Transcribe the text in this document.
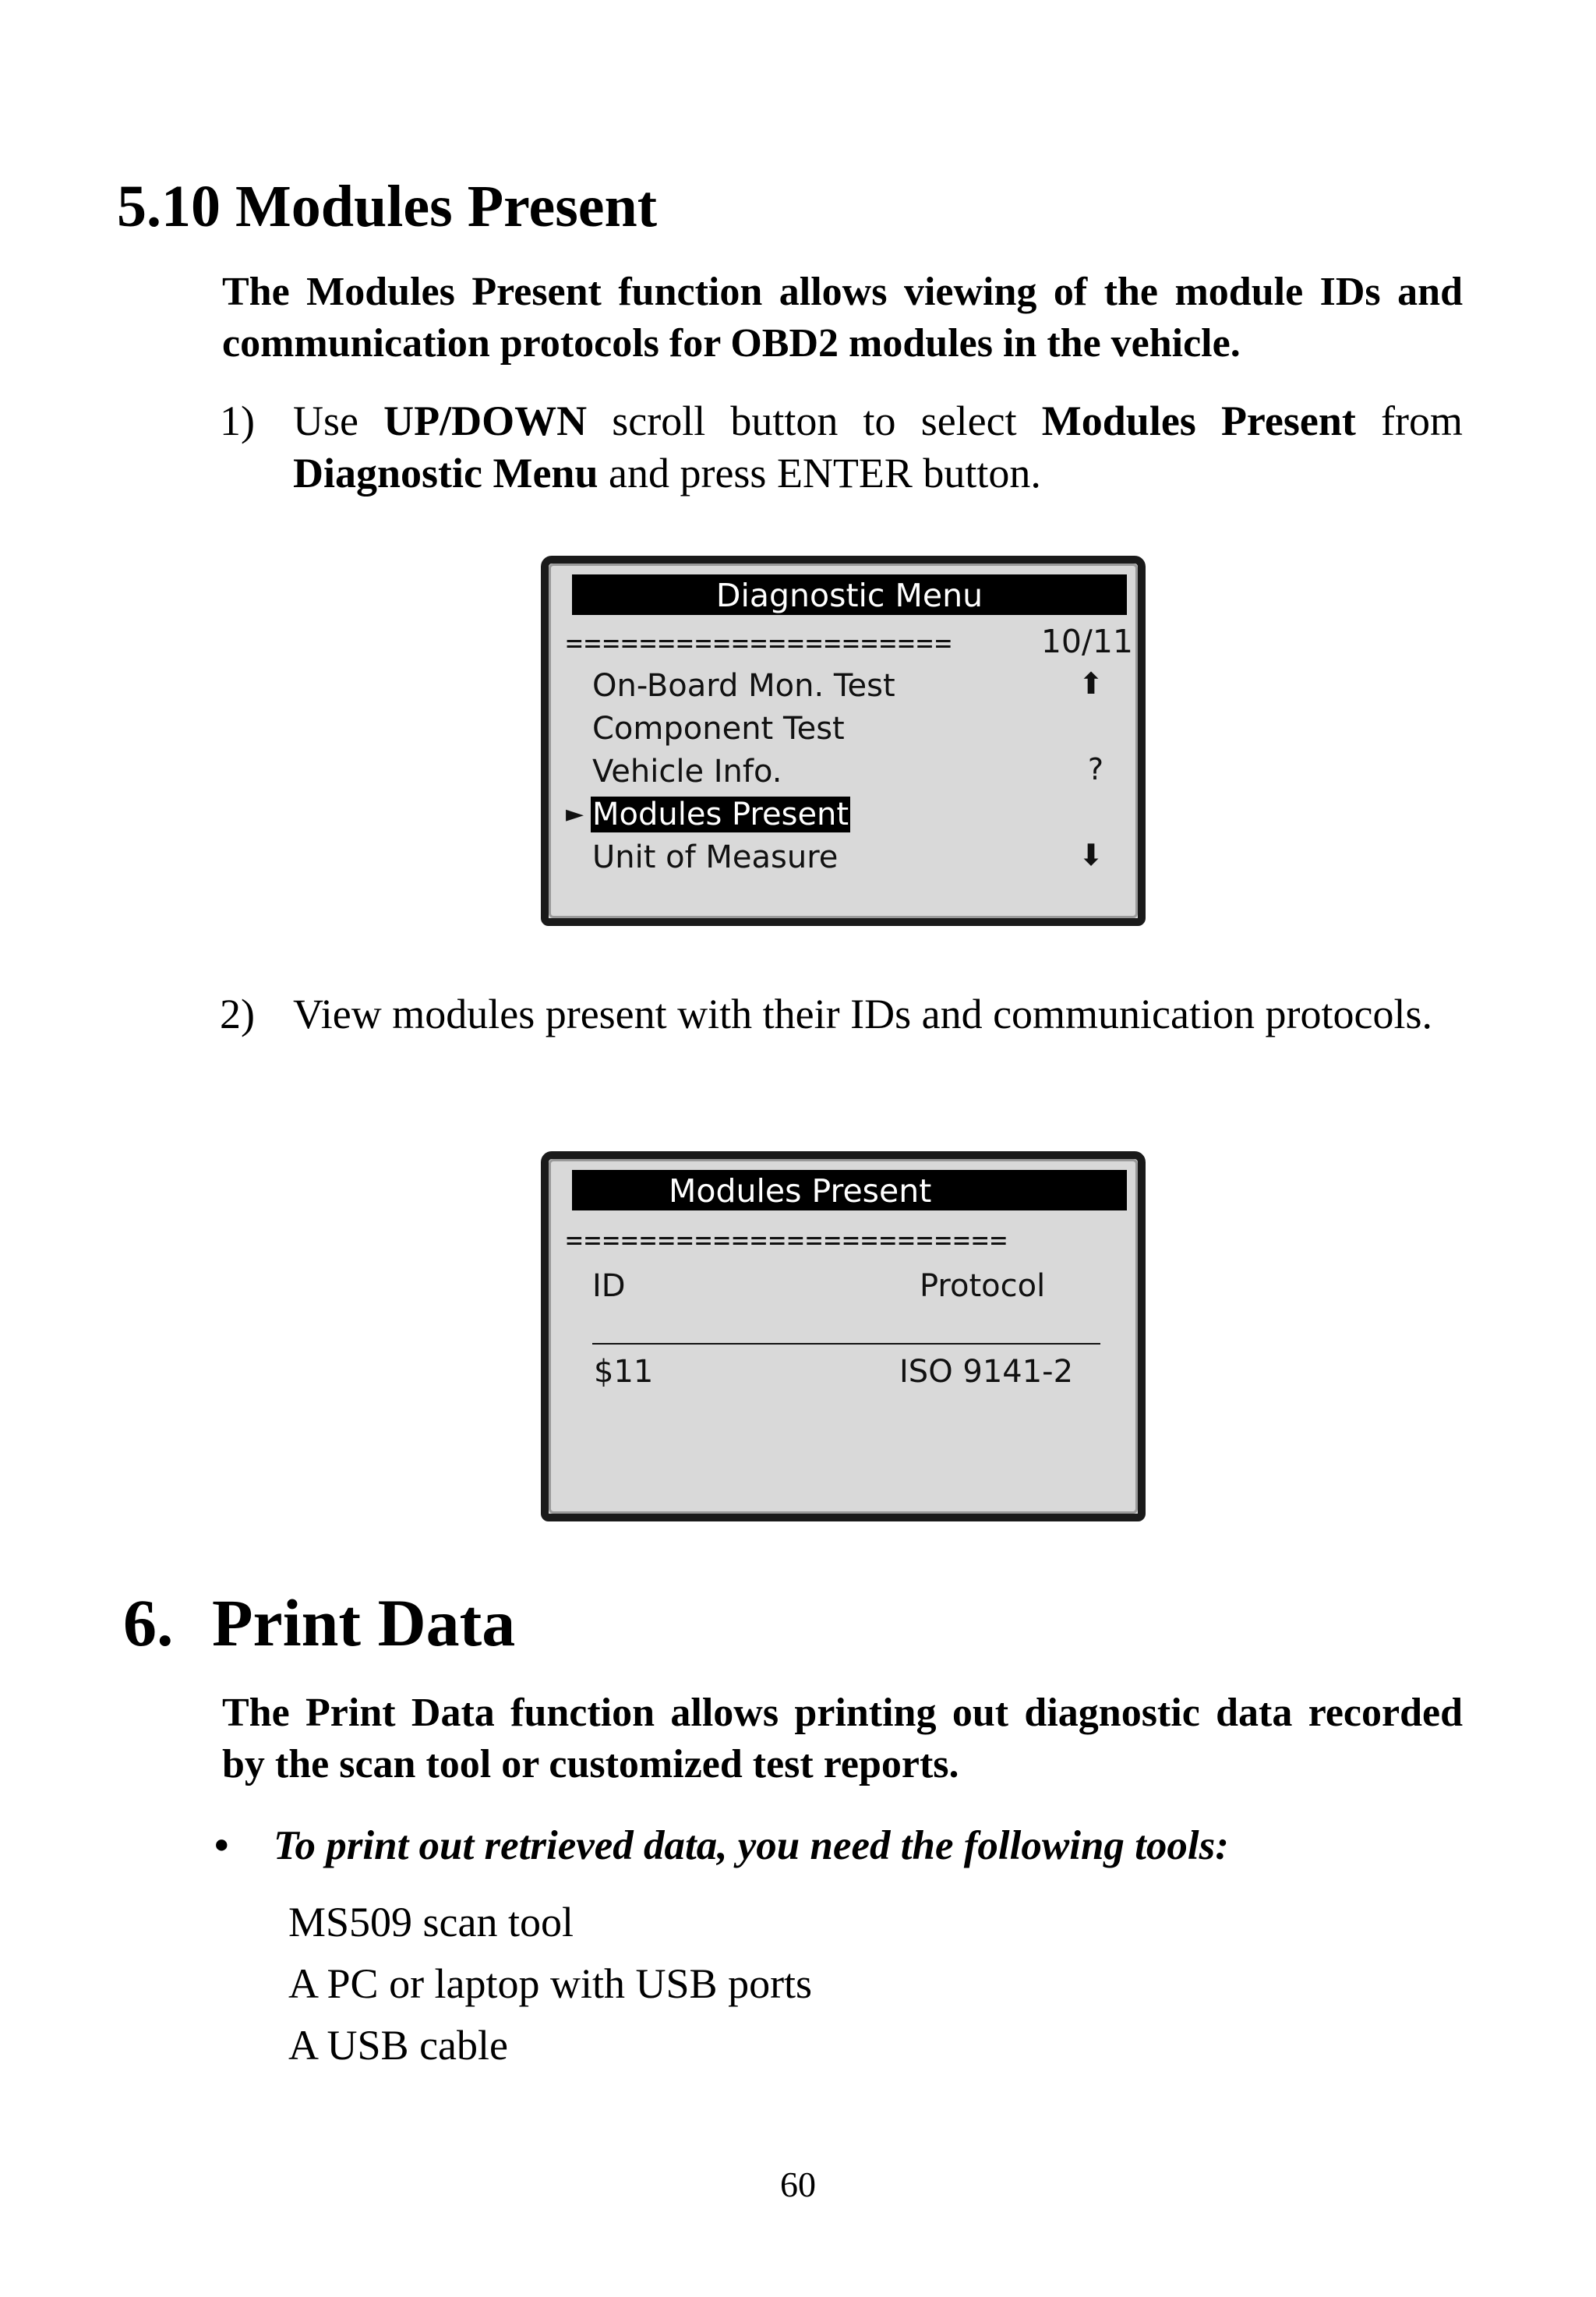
5.10 Modules Present

The Modules Present function allows viewing of the module IDs and communication protocols for OBD2 modules in the vehicle.

1) Use UP/DOWN scroll button to select Modules Present from Diagnostic Menu and press ENTER button.

Diagnostic Menu
=====================	10/11
On-Board Mon. Test	⬆
Component Test
Vehicle Info.	?
► Modules Present
Unit of Measure	⬇

2) View modules present with their IDs and communication protocols.

Modules Present
========================
ID	Protocol
$11	ISO 9141-2
6. Print Data

The Print Data function allows printing out diagnostic data recorded by the scan tool or customized test reports.

• To print out retrieved data, you need the following tools:

MS509 scan tool

A PC or laptop with USB ports

A USB cable

60
